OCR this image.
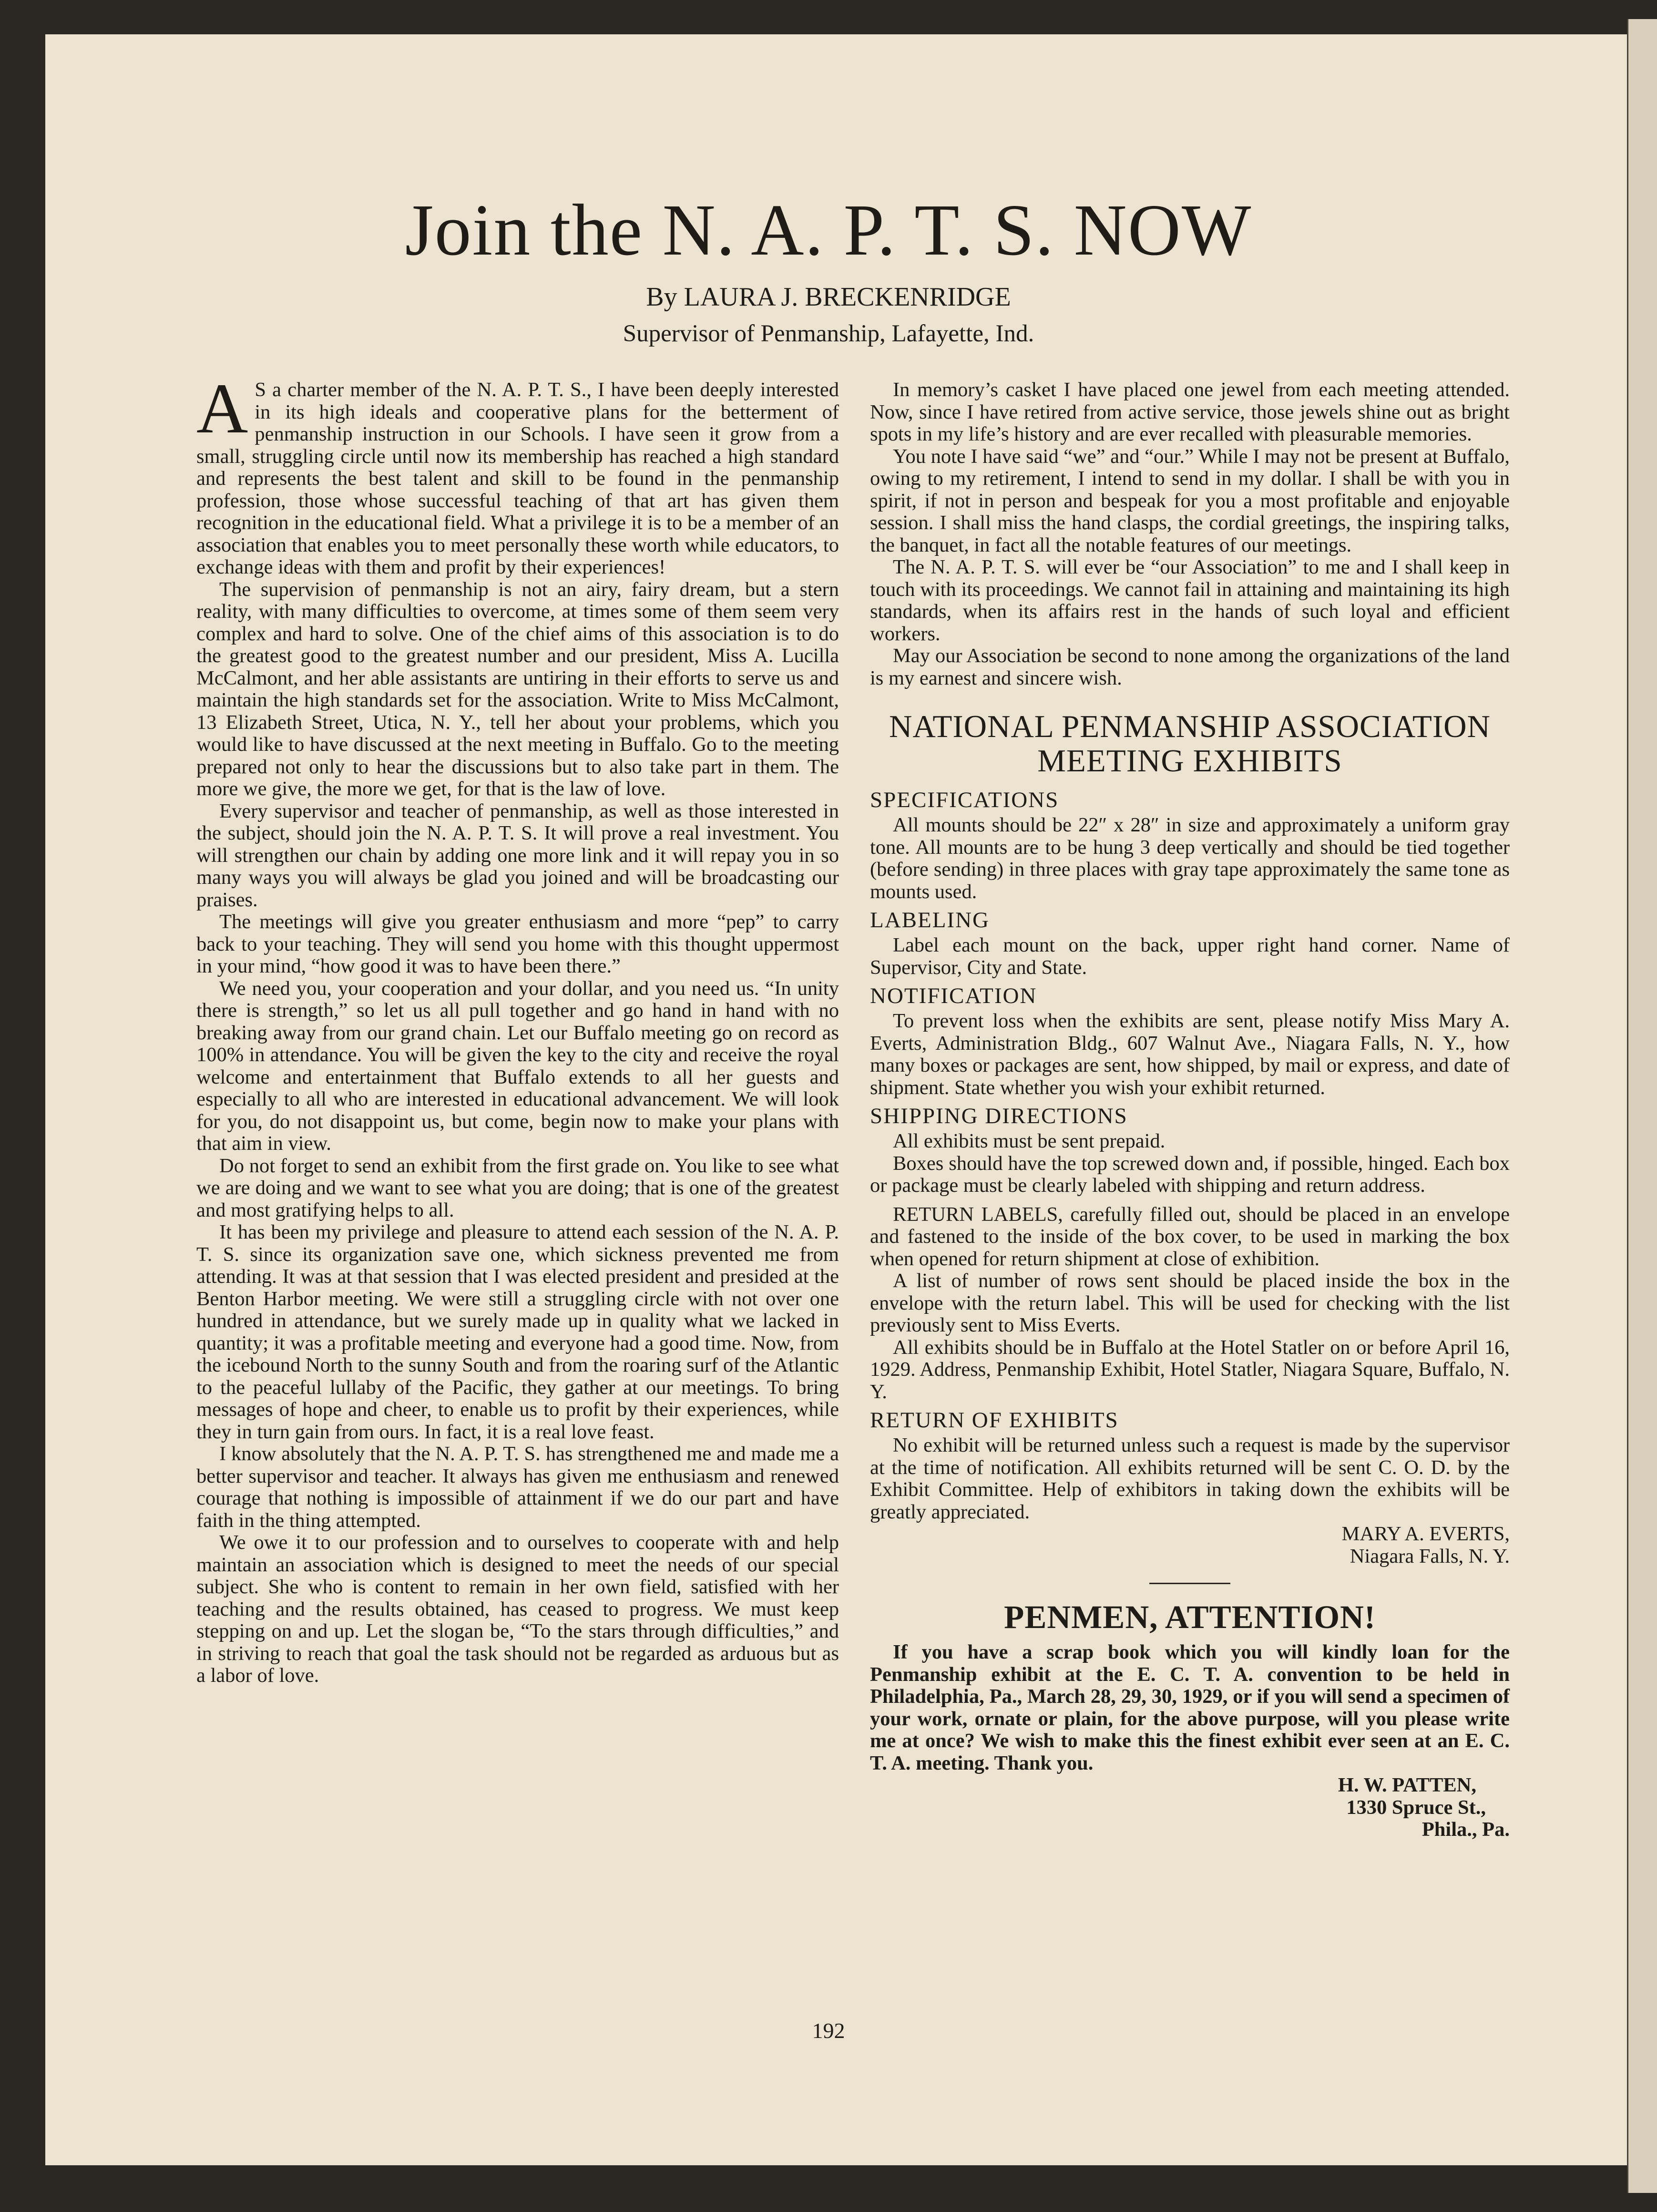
Join the N. A. P. T. S. NOW
By LAURA J. BRECKENRIDGE
Supervisor of Penmanship, Lafayette, Ind.

A S a charter member of the N. A. P. T. S., I have been deeply interested in its high ideals and cooperative plans for the betterment of penmanship instruction in our Schools. I have seen it grow from a small, struggling circle until now its membership has reached a high standard and represents the best talent and skill to be found in the penmanship profession, those whose successful teaching of that art has given them recognition in the educational field. What a privilege it is to be a member of an association that enables you to meet personally these worth while educators, to exchange ideas with them and profit by their experiences!

The supervision of penmanship is not an airy, fairy dream, but a stern reality, with many difficulties to overcome, at times some of them seem very complex and hard to solve. One of the chief aims of this association is to do the greatest good to the greatest number and our president, Miss A. Lucilla McCalmont, and her able assistants are untiring in their efforts to serve us and maintain the high standards set for the association. Write to Miss McCalmont, 13 Elizabeth Street, Utica, N. Y., tell her about your problems, which you would like to have discussed at the next meeting in Buffalo. Go to the meeting prepared not only to hear the discussions but to also take part in them. The more we give, the more we get, for that is the law of love.

Every supervisor and teacher of penmanship, as well as those interested in the subject, should join the N. A. P. T. S. It will prove a real investment. You will strengthen our chain by adding one more link and it will repay you in so many ways you will always be glad you joined and will be broadcasting our praises.

The meetings will give you greater enthusiasm and more “pep” to carry back to your teaching. They will send you home with this thought uppermost in your mind, “how good it was to have been there.”

We need you, your cooperation and your dollar, and you need us. “In unity there is strength,” so let us all pull together and go hand in hand with no breaking away from our grand chain. Let our Buffalo meeting go on record as 100% in attendance. You will be given the key to the city and receive the royal welcome and entertainment that Buffalo extends to all her guests and especially to all who are interested in educational advancement. We will look for you, do not disappoint us, but come, begin now to make your plans with that aim in view.

Do not forget to send an exhibit from the first grade on. You like to see what we are doing and we want to see what you are doing; that is one of the greatest and most gratifying helps to all.

It has been my privilege and pleasure to attend each session of the N. A. P. T. S. since its organization save one, which sickness prevented me from attending. It was at that session that I was elected president and presided at the Benton Harbor meeting. We were still a struggling circle with not over one hundred in attendance, but we surely made up in quality what we lacked in quantity; it was a profitable meeting and everyone had a good time. Now, from the icebound North to the sunny South and from the roaring surf of the Atlantic to the peaceful lullaby of the Pacific, they gather at our meetings. To bring messages of hope and cheer, to enable us to profit by their experiences, while they in turn gain from ours. In fact, it is a real love feast.

I know absolutely that the N. A. P. T. S. has strengthened me and made me a better supervisor and teacher. It always has given me enthusiasm and renewed courage that nothing is impossible of attainment if we do our part and have faith in the thing attempted.

We owe it to our profession and to ourselves to cooperate with and help maintain an association which is designed to meet the needs of our special subject. She who is content to remain in her own field, satisfied with her teaching and the results obtained, has ceased to progress. We must keep stepping on and up. Let the slogan be, “To the stars through difficulties,” and in striving to reach that goal the task should not be regarded as arduous but as a labor of love.

In memory’s casket I have placed one jewel from each meeting attended. Now, since I have retired from active service, those jewels shine out as bright spots in my life’s history and are ever recalled with pleasurable memories.

You note I have said “we” and “our.” While I may not be present at Buffalo, owing to my retirement, I intend to send in my dollar. I shall be with you in spirit, if not in person and bespeak for you a most profitable and enjoyable session. I shall miss the hand clasps, the cordial greetings, the inspiring talks, the banquet, in fact all the notable features of our meetings.

The N. A. P. T. S. will ever be “our Association” to me and I shall keep in touch with its proceedings. We cannot fail in attaining and maintaining its high standards, when its affairs rest in the hands of such loyal and efficient workers.

May our Association be second to none among the organizations of the land is my earnest and sincere wish.

NATIONAL PENMANSHIP ASSOCIATION MEETING EXHIBITS
SPECIFICATIONS

All mounts should be 22″ x 28″ in size and approximately a uniform gray tone. All mounts are to be hung 3 deep vertically and should be tied together (before sending) in three places with gray tape approximately the same tone as mounts used.

LABELING

Label each mount on the back, upper right hand corner. Name of Supervisor, City and State.

NOTIFICATION

To prevent loss when the exhibits are sent, please notify Miss Mary A. Everts, Administration Bldg., 607 Walnut Ave., Niagara Falls, N. Y., how many boxes or packages are sent, how shipped, by mail or express, and date of shipment. State whether you wish your exhibit returned.

SHIPPING DIRECTIONS

All exhibits must be sent prepaid.

Boxes should have the top screwed down and, if possible, hinged. Each box or package must be clearly labeled with shipping and return address.

RETURN LABELS, carefully filled out, should be placed in an envelope and fastened to the inside of the box cover, to be used in marking the box when opened for return shipment at close of exhibition.

A list of number of rows sent should be placed inside the box in the envelope with the return label. This will be used for checking with the list previously sent to Miss Everts.

All exhibits should be in Buffalo at the Hotel Statler on or before April 16, 1929. Address, Penmanship Exhibit, Hotel Statler, Niagara Square, Buffalo, N. Y.

RETURN OF EXHIBITS

No exhibit will be returned unless such a request is made by the supervisor at the time of notification. All exhibits returned will be sent C. O. D. by the Exhibit Committee. Help of exhibitors in taking down the exhibits will be greatly appreciated.

MARY A. EVERTS,

Niagara Falls, N. Y.

PENMEN, ATTENTION!

If you have a scrap book which you will kindly loan for the Penmanship exhibit at the E. C. T. A. convention to be held in Philadelphia, Pa., March 28, 29, 30, 1929, or if you will send a specimen of your work, ornate or plain, for the above purpose, will you please write me at once? We wish to make this the finest exhibit ever seen at an E. C. T. A. meeting. Thank you.

H. W. PATTEN,

1330 Spruce St.,

Phila., Pa.

192
